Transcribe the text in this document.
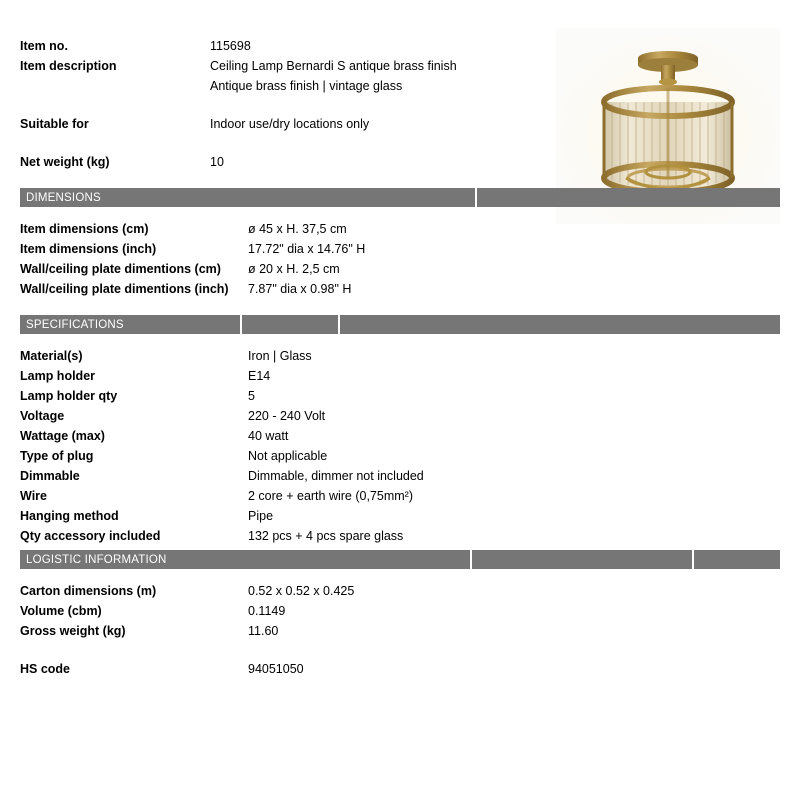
Item no.	115698
Item description	Ceiling Lamp Bernardi S antique brass finish
Antique brass finish | vintage glass
Suitable for	Indoor use/dry locations only
Net weight (kg)	10
DIMENSIONS
Item dimensions (cm)	ø 45 x H. 37,5 cm
Item dimensions (inch)	17.72" dia x 14.76" H
Wall/ceiling plate dimentions (cm)	ø 20 x H. 2,5 cm
Wall/ceiling plate dimentions (inch)	7.87" dia x 0.98" H
SPECIFICATIONS
Material(s)	Iron | Glass
Lamp holder	E14
Lamp holder qty	5
Voltage	220 - 240 Volt
Wattage (max)	40 watt
Type of plug	Not applicable
Dimmable	Dimmable, dimmer not included
Wire	2 core + earth wire (0,75mm²)
Hanging method	Pipe
Qty accessory included	132 pcs + 4 pcs spare glass
LOGISTIC INFORMATION
Carton dimensions (m)	0.52 x 0.52 x 0.425
Volume (cbm)	0.1149
Gross weight (kg)	11.60
HS code	94051050
